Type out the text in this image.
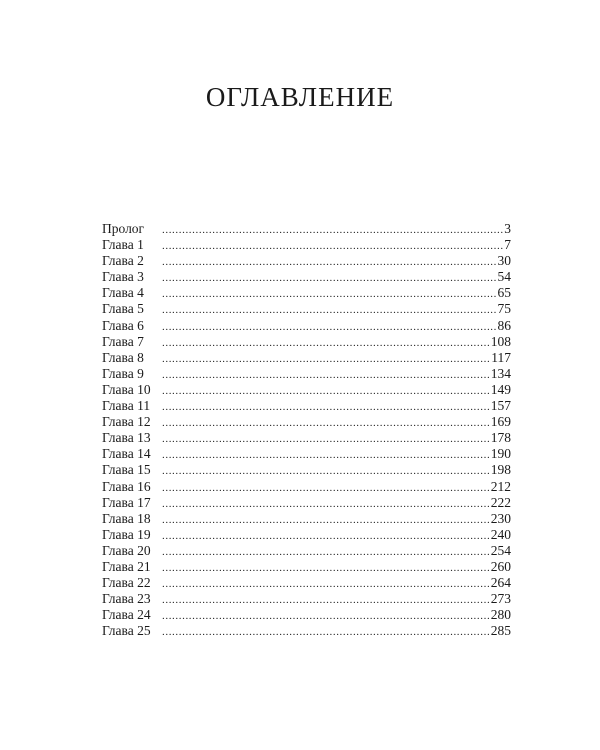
ОГЛАВЛЕНИЕ
Пролог .....	3
Глава 1 .....	7
Глава 2 .....	30
Глава 3 .....	54
Глава 4 .....	65
Глава 5 .....	75
Глава 6 .....	86
Глава 7 .....	108
Глава 8 .....	117
Глава 9 .....	134
Глава 10 .....	149
Глава 11 .....	157
Глава 12 .....	169
Глава 13 .....	178
Глава 14 .....	190
Глава 15 .....	198
Глава 16 .....	212
Глава 17 .....	222
Глава 18 .....	230
Глава 19 .....	240
Глава 20 .....	254
Глава 21 .....	260
Глава 22 .....	264
Глава 23 .....	273
Глава 24 .....	280
Глава 25 .....	285
